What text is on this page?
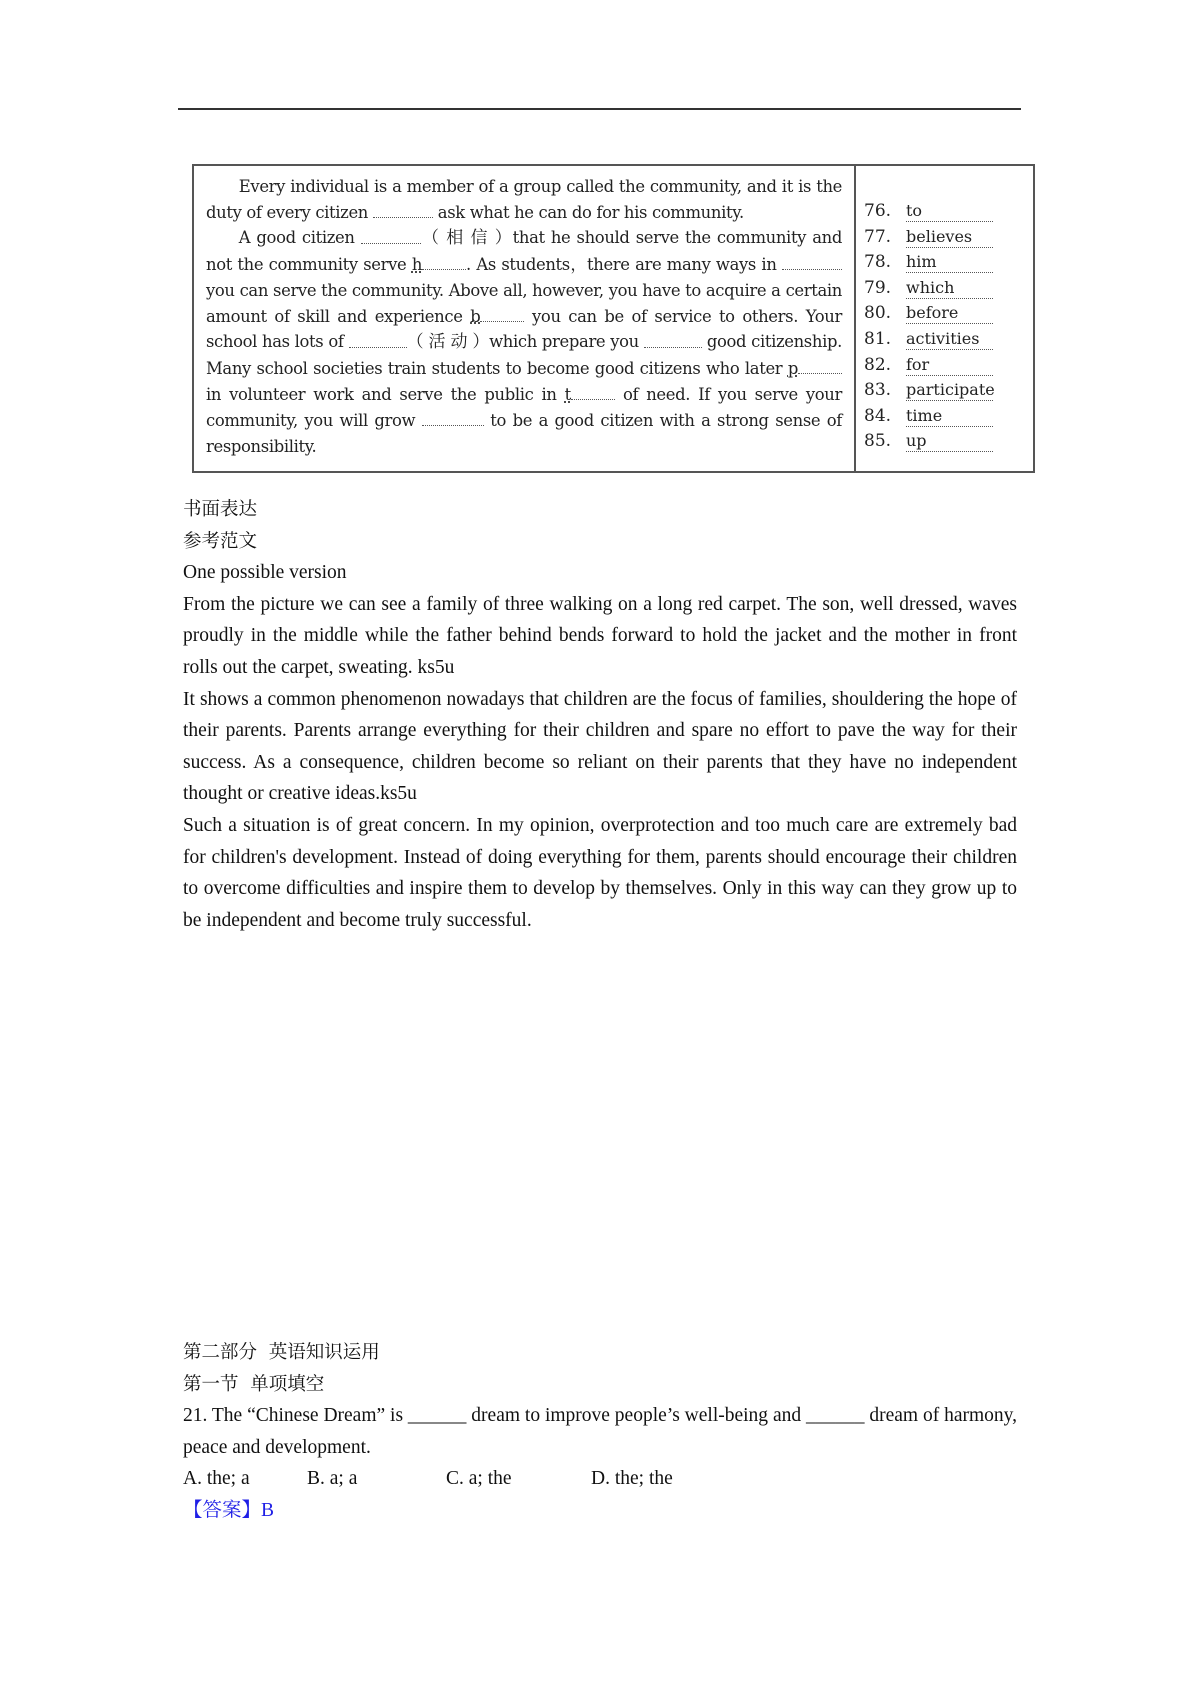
Every individual is a member of a group called the community, and it is the duty of every citizen	ask what he can do for his community.

A good citizen	（ 相 信 ）that he should serve the community and not the community serve h	. As students，there are many ways in  you can serve the community. Above all, however, you have to acquire a certain amount of skill and experience b	you can be of service to others. Your school has lots of	（ 活 动 ）which prepare you	good citizenship. Many school societies train students to become good citizens who later p in volunteer work and serve the public in t	of need. If you serve your community, you will grow	to be a good citizen with a strong sense of responsibility.

76. to
77. believes
78. him
79. which
80. before
81. activities
82. for
83. participate
84. time
85. up

书面表达

参考范文

One possible version

From the picture we can see a family of three walking on a long red carpet. The son, well dressed, waves proudly in the middle while the father behind bends forward to hold the jacket and the mother in front rolls out the carpet, sweating. ks5u

It shows a common phenomenon nowadays that children are the focus of families, shouldering the hope of their parents. Parents arrange everything for their children and spare no effort to pave the way for their success. As a consequence, children become so reliant on their parents that they have no independent thought or creative ideas.ks5u

Such a situation is of great concern. In my opinion, overprotection and too much care are extremely bad for children's development. Instead of doing everything for them, parents should encourage their children to overcome difficulties and inspire them to develop by themselves. Only in this way can they grow up to be independent and become truly successful.

第二部分  英语知识运用

第一节  单项填空

21. The “Chinese Dream” is ______ dream to improve people’s well-being and ______ dream of harmony, peace and development.

A. the; a	B. a; a	C. a; the	D. the; the

【答案】B
